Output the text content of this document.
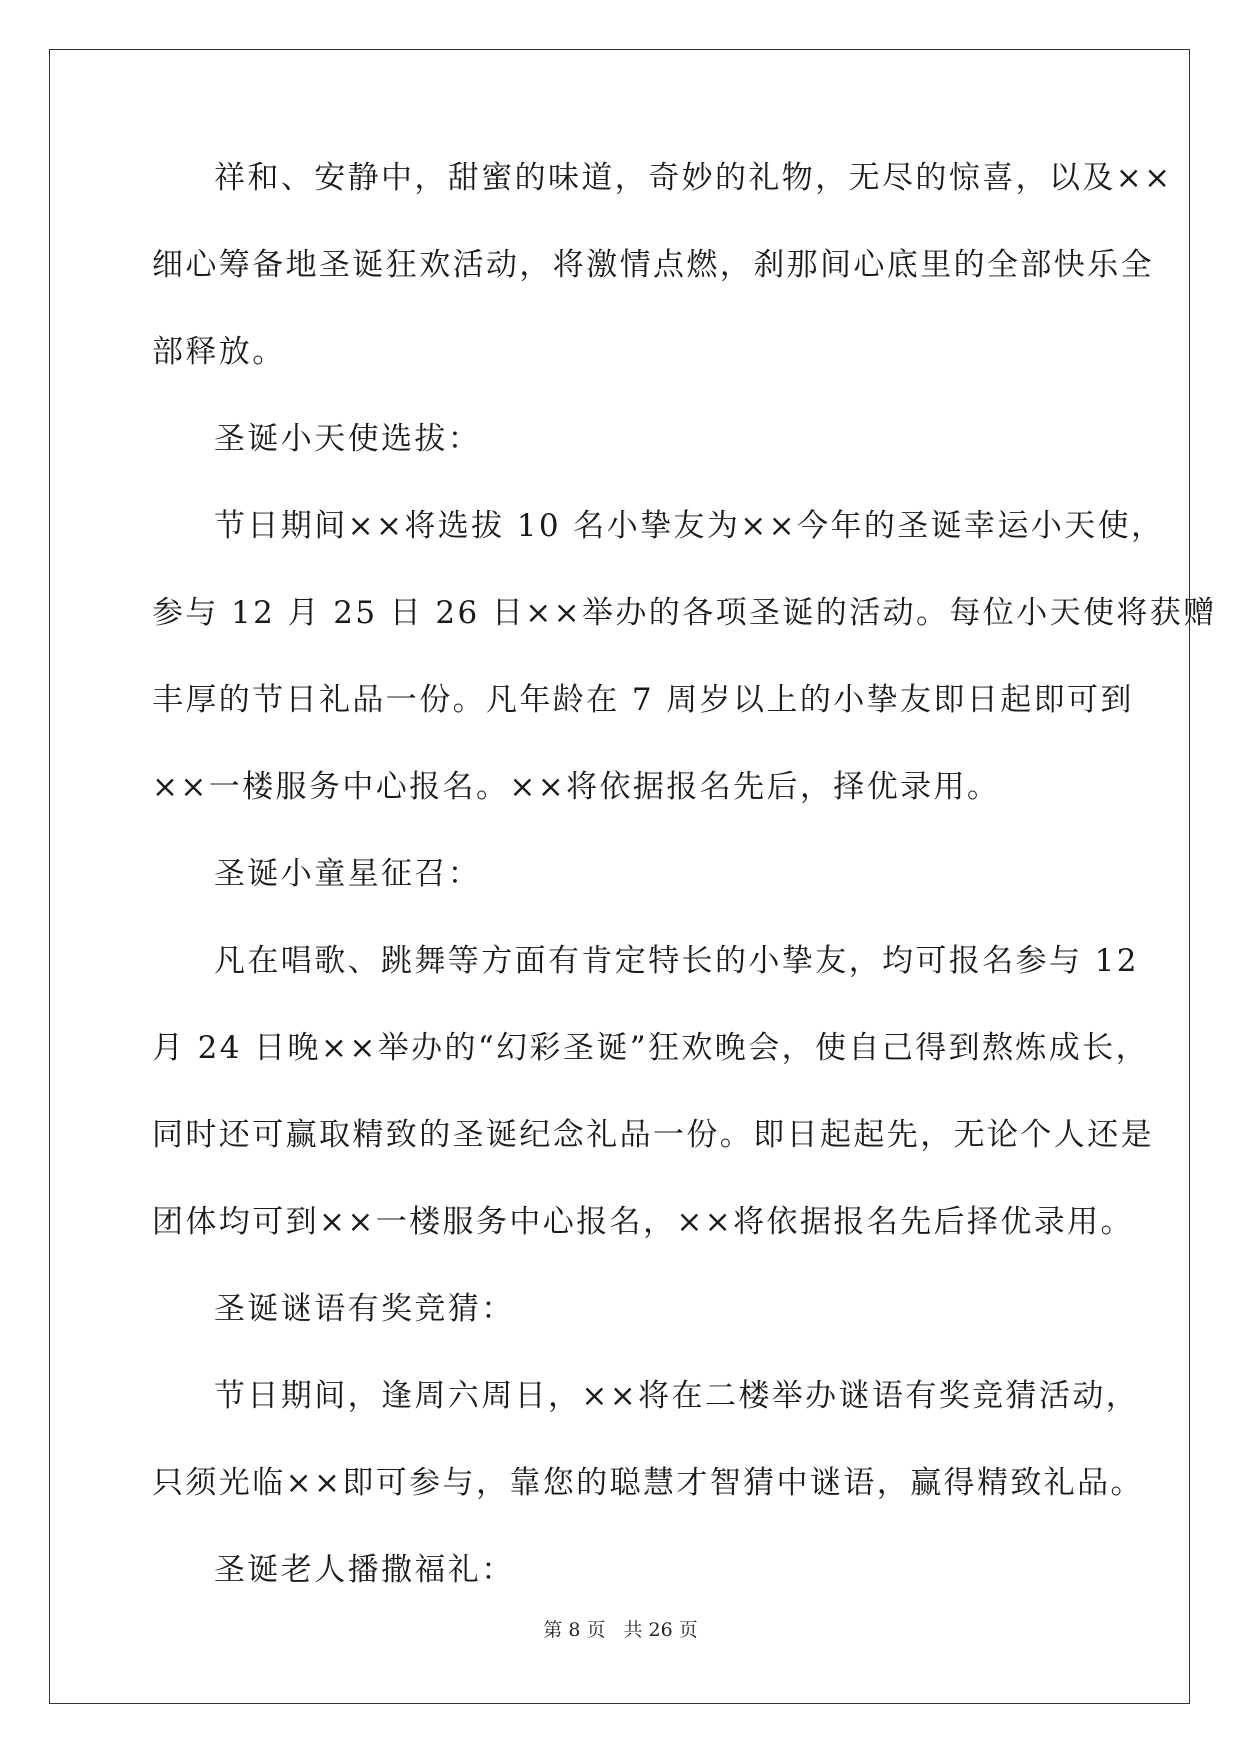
祥和、安静中，甜蜜的味道，奇妙的礼物，无尽的惊喜，以及××
细心筹备地圣诞狂欢活动，将激情点燃，刹那间心底里的全部快乐全
部释放。
圣诞小天使选拔：
节日期间××将选拔 10 名小挚友为××今年的圣诞幸运小天使，
参与 12 月 25 日 26 日××举办的各项圣诞的活动。每位小天使将获赠
丰厚的节日礼品一份。凡年龄在 7 周岁以上的小挚友即日起即可到
××一楼服务中心报名。××将依据报名先后，择优录用。
圣诞小童星征召：
凡在唱歌、跳舞等方面有肯定特长的小挚友，均可报名参与 12
月 24 日晚××举办的“幻彩圣诞”狂欢晚会，使自己得到熬炼成长，
同时还可赢取精致的圣诞纪念礼品一份。即日起起先，无论个人还是
团体均可到××一楼服务中心报名，××将依据报名先后择优录用。
圣诞谜语有奖竞猜：
节日期间，逢周六周日，××将在二楼举办谜语有奖竞猜活动，
只须光临××即可参与，靠您的聪慧才智猜中谜语，赢得精致礼品。
圣诞老人播撒福礼：
第 8 页 共 26 页
